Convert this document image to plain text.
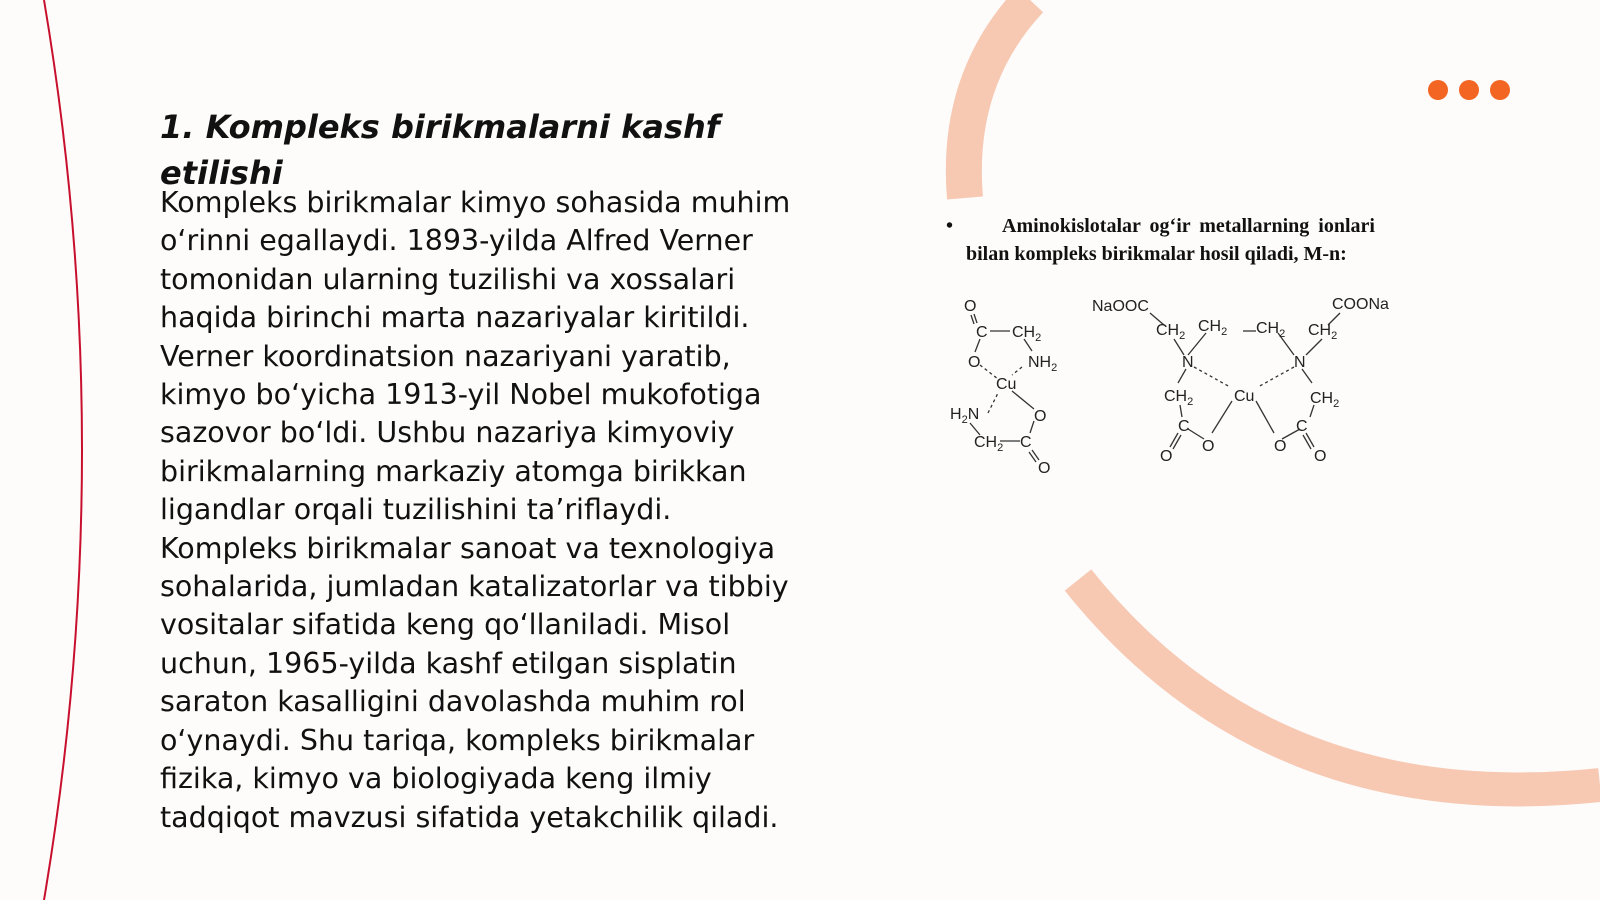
1. Kompleks birikmalarni kashf etilishi
Kompleks birikmalar kimyo sohasida muhim
o‘rinni egallaydi. 1893-yilda Alfred Verner
tomonidan ularning tuzilishi va xossalari
haqida birinchi marta nazariyalar kiritildi.
Verner koordinatsion nazariyani yaratib,
kimyo bo‘yicha 1913-yil Nobel mukofotiga
sazovor bo‘ldi. Ushbu nazariya kimyoviy
birikmalarning markaziy atomga birikkan
ligandlar orqali tuzilishini ta’riflaydi.
Kompleks birikmalar sanoat va texnologiya
sohalarida, jumladan katalizatorlar va tibbiy
vositalar sifatida keng qo‘llaniladi. Misol
uchun, 1965-yilda kashf etilgan sisplatin
saraton kasalligini davolashda muhim rol
o‘ynaydi. Shu tariqa, kompleks birikmalar
fizika, kimyo va biologiyada keng ilmiy
tadqiqot mavzusi sifatida yetakchilik qiladi.
•	Aminokislotalar og‘ir metallarning ionlari
bilan kompleks birikmalar hosil qiladi, M-n:
O
C $CH_2$
O	$NH_2$
Cu
$H_2N$	O
$CH_2$ C
O
NaOOC	COONa
$CH_2$
$CH_2$ $CH_2$ $CH_2$
N	N
$CH_2$	Cu	$CH_2$
C	C
O	O
O	O
